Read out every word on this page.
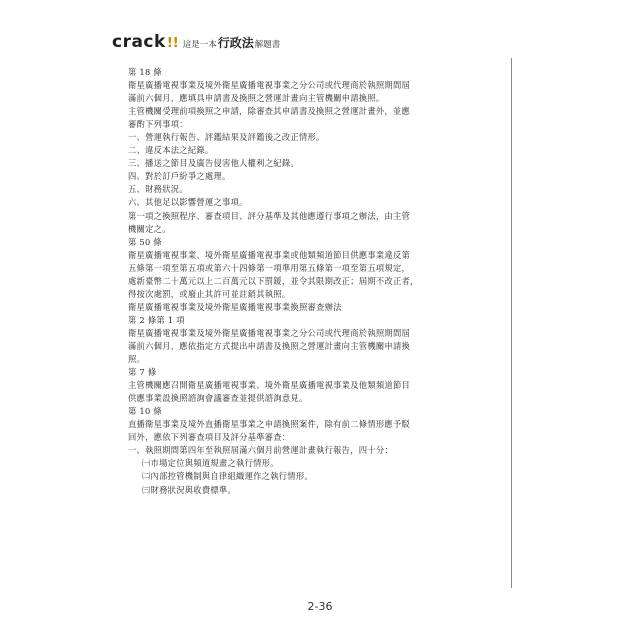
crack !! 這是一本 行政法 解題書

第 18 條

衛星廣播電視事業及境外衛星廣播電視事業之分公司或代理商於執照期間屆

滿前六個月，應填具申請書及換照之營運計畫向主管機關申請換照。

主管機關受理前項換照之申請，除審查其申請書及換照之營運計畫外，並應

審酌下列事項：

一、營運執行報告、評鑑結果及評鑑後之改正情形。

二、違反本法之紀錄。

三、播送之節目及廣告侵害他人權利之紀錄。

四、對於訂戶紛爭之處理。

五、財務狀況。

六、其他足以影響營運之事項。

第一項之換照程序、審查項目、評分基準及其他應遵行事項之辦法，由主管

機關定之。

第 50 條

衛星廣播電視事業、境外衛星廣播電視事業或他類頻道節目供應事業違反第

五條第一項至第五項或第六十四條第一項準用第五條第一項至第五項規定，

處新臺幣二十萬元以上二百萬元以下罰鍰，並令其限期改正；屆期不改正者，

得按次處罰，或廢止其許可並註銷其執照。

衛星廣播電視事業及境外衛星廣播電視事業換照審查辦法

第 2 條第 1 項

衛星廣播電視事業及境外衛星廣播電視事業之分公司或代理商於執照期間屆

滿前六個月，應依指定方式提出申請書及換照之營運計畫向主管機關申請換

照。

第 7 條

主管機關應召開衛星廣播電視事業、境外衛星廣播電視事業及他類頻道節目

供應事業設換照諮詢會議審查並提供諮詢意見。

第 10 條

直播衛星事業及境外直播衛星事業之申請換照案件，除有前二條情形應予駁

回外，應依下列審查項目及評分基準審查：

一、執照期間第四年至執照屆滿六個月前營運計畫執行報告，四十分：

㈠市場定位與頻道規畫之執行情形。

㈡內部控管機制與自律組織運作之執行情形。

㈢財務狀況與收費標準。

2-36
